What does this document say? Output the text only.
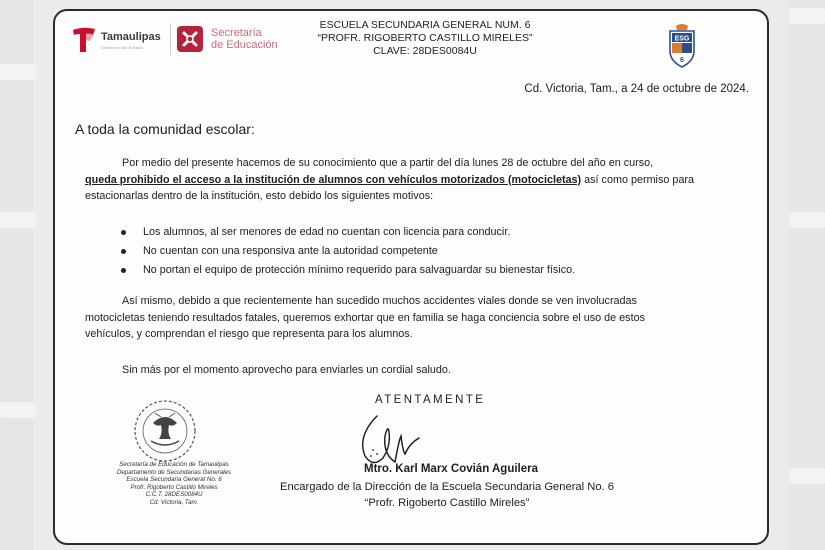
Tamaulipas
Gobierno del Estado
Secretaría
de Educación
ESCUELA SECUNDARIA GENERAL NUM. 6
“PROFR. RIGOBERTO CASTILLO MIRELES”
CLAVE: 28DES0084U
ESG
6
Cd. Victoria, Tam., a 24 de octubre de 2024.
A toda la comunidad escolar:
Por medio del presente hacemos de su conocimiento que a partir del día lunes 28 de octubre del año en curso,
queda prohibido el acceso a la institución de alumnos con vehículos motorizados (motocicletas) así como permiso para
estacionarlas dentro de la institución, esto debido los siguientes motivos:
Los alumnos, al ser menores de edad no cuentan con licencia para conducir.
No cuentan con una responsiva ante la autoridad competente
No portan el equipo de protección mínimo requerido para salvaguardar su bienestar físico.
Así mismo, debido a que recientemente han sucedido muchos accidentes viales donde se ven involucradas
motocicletas teniendo resultados fatales, queremos exhortar que en familia se haga conciencia sobre el uso de estos
vehículos, y comprendan el riesgo que representa para los alumnos.
Sin más por el momento aprovecho para enviarles un cordial saludo.
Secretaría de Educación de Tamaulipas
Departamento de Secundarias Generales
Escuela Secundaria General No. 6
Profr. Rigoberto Castillo Mireles
C.C.T. 28DES0084U
Cd. Victoria, Tam.
ATENTAMENTE
Mtro. Karl Marx Covián Aguilera
Encargado de la Dirección de la Escuela Secundaria General No. 6
“Profr. Rigoberto Castillo Mireles”
